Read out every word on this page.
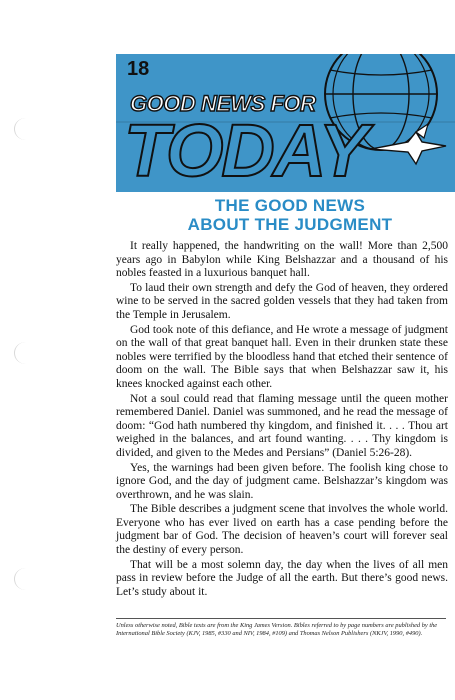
18
GOOD NEWS FOR
TODAY
THE GOOD NEWS
ABOUT THE JUDGMENT

It really happened, the handwriting on the wall! More than 2,500 years ago in Babylon while King Belshazzar and a thousand of his nobles feasted in a luxurious banquet hall.

To laud their own strength and defy the God of heaven, they ordered wine to be served in the sacred golden vessels that they had taken from the Temple in Jerusalem.

God took note of this defiance, and He wrote a message of judgment on the wall of that great banquet hall. Even in their drunken state these nobles were terrified by the bloodless hand that etched their sentence of doom on the wall. The Bible says that when Belshazzar saw it, his knees knocked against each other.

Not a soul could read that flaming message until the queen mother remembered Daniel. Daniel was summoned, and he read the message of doom: “God hath numbered thy kingdom, and finished it. . . . Thou art weighed in the balances, and art found wanting. . . . Thy kingdom is divided, and given to the Medes and Persians” (Daniel 5:26-28).

Yes, the warnings had been given before. The foolish king chose to ignore God, and the day of judgment came. Belshazzar’s kingdom was overthrown, and he was slain.

The Bible describes a judgment scene that involves the whole world. Everyone who has ever lived on earth has a case pending before the judgment bar of God. The decision of heaven’s court will forever seal the destiny of every person.

That will be a most solemn day, the day when the lives of all men pass in review before the Judge of all the earth. But there’s good news. Let’s study about it.

Unless otherwise noted, Bible texts are from the King James Version. Bibles referred to by page numbers are published by the International Bible Society (KJV, 1985, #330 and NIV, 1984, #109) and Thomas Nelson Publishers (NKJV, 1990, #490).
